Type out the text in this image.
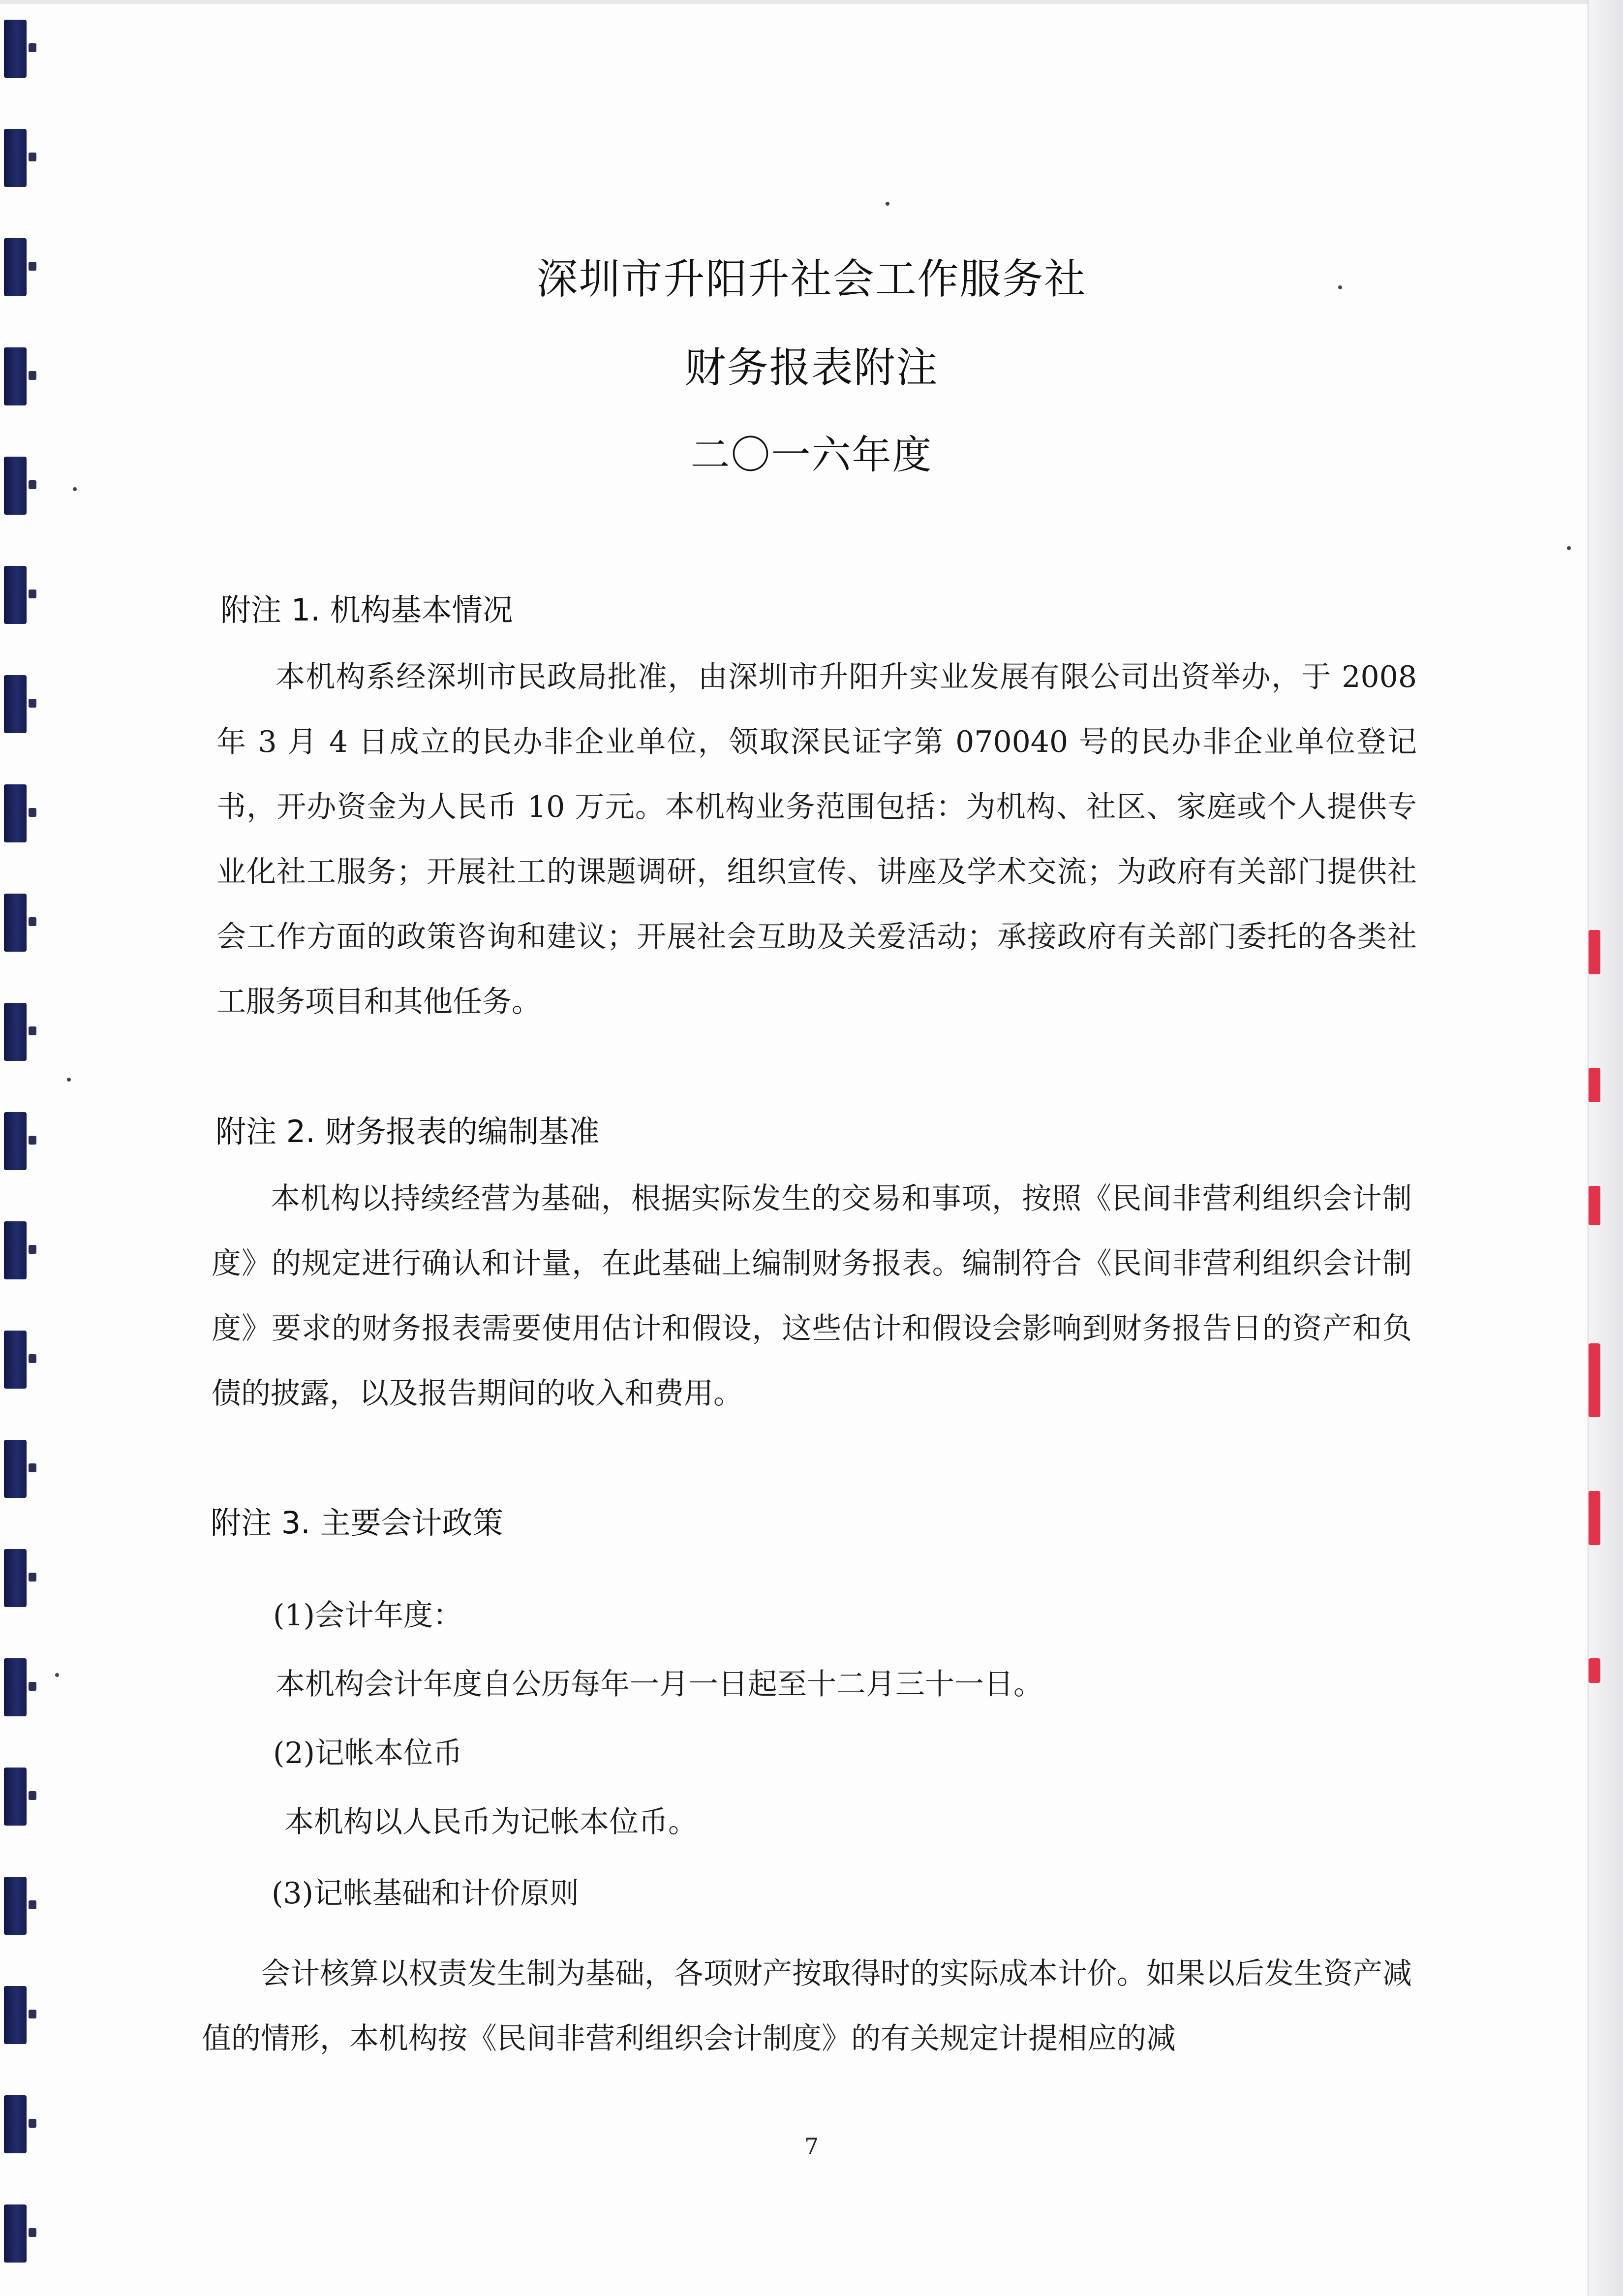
深圳市升阳升社会工作服务社
财务报表附注
二〇一六年度
附注 1. 机构基本情况
本机构系经深圳市民政局批准，由深圳市升阳升实业发展有限公司出资举办，于 2008 年 3 月 4 日成立的民办非企业单位，领取深民证字第 070040 号的民办非企业单位登记书，开办资金为人民币 10 万元。本机构业务范围包括：为机构、社区、家庭或个人提供专业化社工服务；开展社工的课题调研，组织宣传、讲座及学术交流；为政府有关部门提供社会工作方面的政策咨询和建议；开展社会互助及关爱活动；承接政府有关部门委托的各类社工服务项目和其他任务。
附注 2. 财务报表的编制基准
本机构以持续经营为基础，根据实际发生的交易和事项，按照《民间非营利组织会计制度》的规定进行确认和计量，在此基础上编制财务报表。编制符合《民间非营利组织会计制度》要求的财务报表需要使用估计和假设，这些估计和假设会影响到财务报告日的资产和负债的披露，以及报告期间的收入和费用。
附注 3. 主要会计政策
(1)会计年度：
本机构会计年度自公历每年一月一日起至十二月三十一日。
(2)记帐本位币
本机构以人民币为记帐本位币。
(3)记帐基础和计价原则
会计核算以权责发生制为基础，各项财产按取得时的实际成本计价。如果以后发生资产减值的情形，本机构按《民间非营利组织会计制度》的有关规定计提相应的减
7
